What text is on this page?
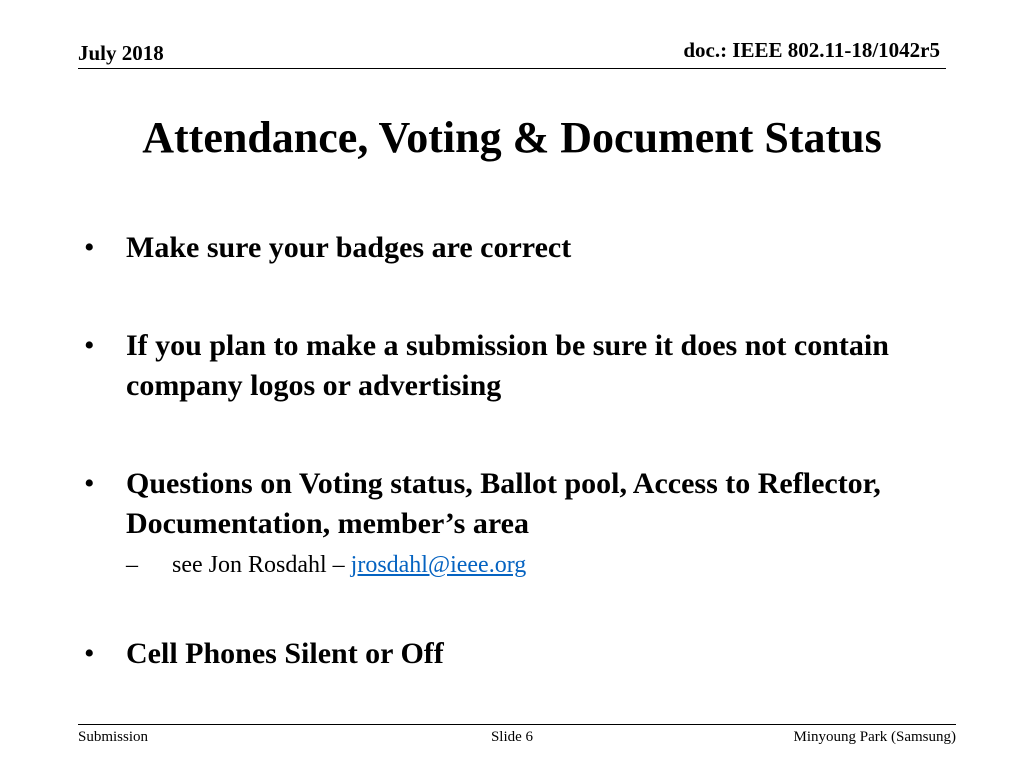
July 2018	doc.: IEEE 802.11-18/1042r5
Attendance, Voting & Document Status
•	Make sure your badges are correct
•	If you plan to make a submission be sure it does not contain company logos or advertising
•	Questions on Voting status, Ballot pool, Access to Reflector, Documentation, member’s area
– see Jon Rosdahl – jrosdahl@ieee.org
•	Cell Phones Silent or Off
Submission	Slide 6	Minyoung Park (Samsung)
